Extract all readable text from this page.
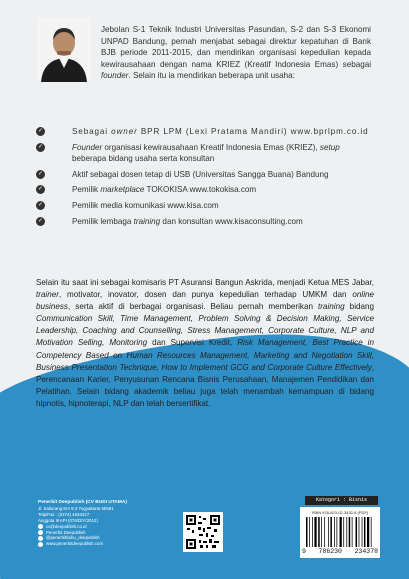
Jebolan S-1 Teknik Industri Universitas Pasundan, S-2 dan S-3 Ekonomi UNPAD Bandung, pernah menjabat sebagai direktur kepatuhan di Bank BJB periode 2011-2015, dan mendirikan organisasi kepedulian kepada kewirausahaan dengan nama KRIEZ (Kreatif Indonesia Emas) sebagai founder. Selain itu ia mendirikan beberapa unit usaha:
✓	Sebagai owner BPR LPM (Lexi Pratama Mandiri) www.bprlpm.co.id
✓	Founder organisasi kewirausahaan Kreatif Indonesia Emas (KRIEZ), setup beberapa bidang usaha serta konsultan
✓	Aktif sebagai dosen tetap di USB (Universitas Sangga Buana) Bandung
✓	Pemilik marketplace TOKOKISA www.tokokisa.com
✓	Pemilik media komunikasi www.kisa.com
✓	Pemilik lembaga training dan konsultan www.kisaconsulting.com
Selain itu saat ini sebagai komisaris PT Asuransi Bangun Askrida, menjadi Ketua MES Jabar, trainer, motivator, inovator, dosen dan punya kepedulian terhadap UMKM dan online business, serta aktif di berbagai organisasi. Beliau pernah memberikan training bidang Communication Skill, Time Management, Problem Solving & Decision Making, Service Leadership, Coaching and Counselling, Stress Management, Corporate Culture, NLP and Motivation Selling, Monitoring dan Supervisi Kredit, Risk Management, Best Practice in Competency Based on Human Resources Management, Marketing and Negotiation Skill, Business Presentation Technique, How to Implement GCG and Corporate Culture Effectively, Perencanaan Karier, Penyusunan Rencana Bisnis Perusahaan, Manajemen Pendidikan dan Pelatihan. Selain bidang akademik beliau juga telah menambah kemampuan di bidang hipnotis, hipnoterapi, NLP dan telah bersertifikat.
Penerbit Deepublish (CV BUDI UTAMA)
Jl. Kaliurang Km 9,3 Yogyakarta 55581
Telp/Fax : (0274) 4533427
Anggota IKAPI (076/DIY/2012)
cs@deepublish.co.id
Penerbit Deepublish
@penerbitbuku_deepublish
www.penerbitdeepublish.com
Kategori : Bisnis
ISBN 978-623-02-3432-8 (PDF)
9 786230 234378
